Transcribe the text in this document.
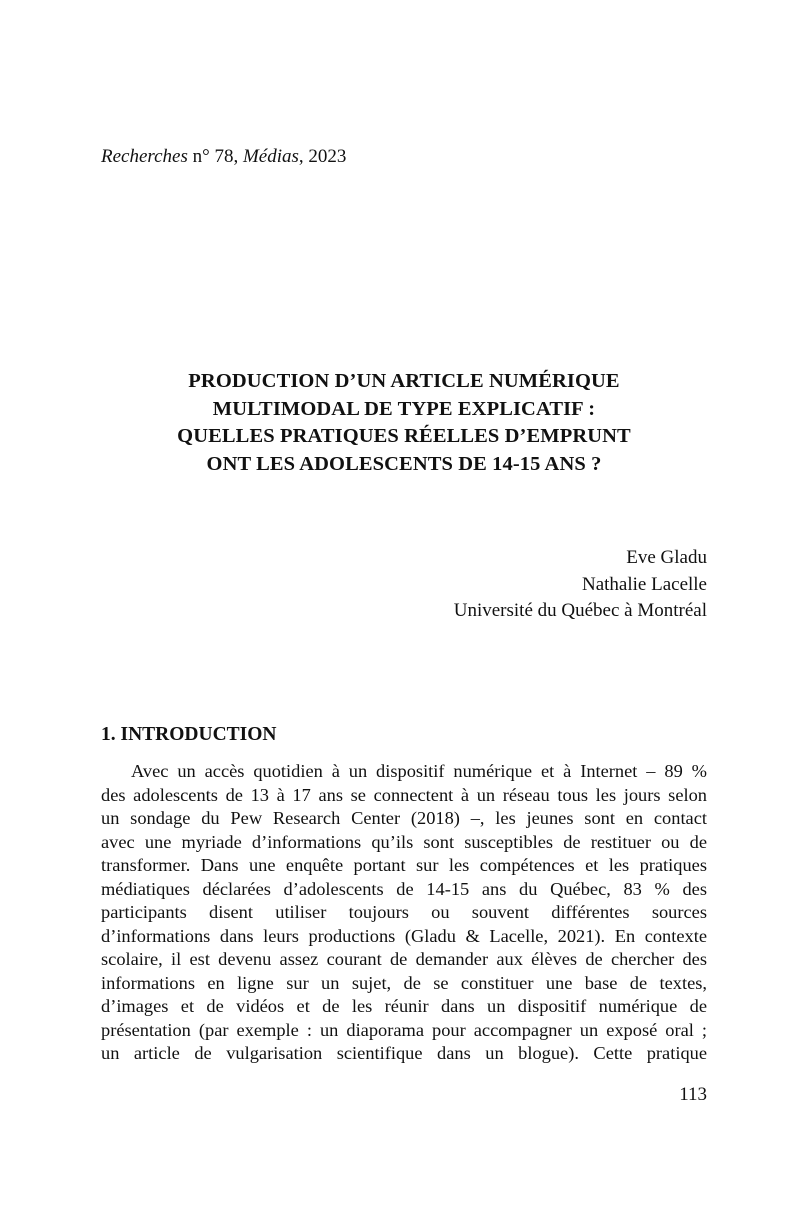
Recherches n° 78, Médias, 2023
PRODUCTION D’UN ARTICLE NUMÉRIQUE
MULTIMODAL DE TYPE EXPLICATIF :
QUELLES PRATIQUES RÉELLES D’EMPRUNT
ONT LES ADOLESCENTS DE 14-15 ANS ?
Eve Gladu
Nathalie Lacelle
Université du Québec à Montréal
1. INTRODUCTION
Avec un accès quotidien à un dispositif numérique et à Internet – 89 %
des adolescents de 13 à 17 ans se connectent à un réseau tous les jours selon
un sondage du Pew Research Center (2018) –, les jeunes sont en contact
avec une myriade d’informations qu’ils sont susceptibles de restituer ou de
transformer. Dans une enquête portant sur les compétences et les pratiques
médiatiques déclarées d’adolescents de 14-15 ans du Québec, 83 % des
participants disent utiliser toujours ou souvent différentes sources
d’informations dans leurs productions (Gladu & Lacelle, 2021). En contexte
scolaire, il est devenu assez courant de demander aux élèves de chercher des
informations en ligne sur un sujet, de se constituer une base de textes,
d’images et de vidéos et de les réunir dans un dispositif numérique de
présentation (par exemple : un diaporama pour accompagner un exposé oral ;
un article de vulgarisation scientifique dans un blogue). Cette pratique
113
